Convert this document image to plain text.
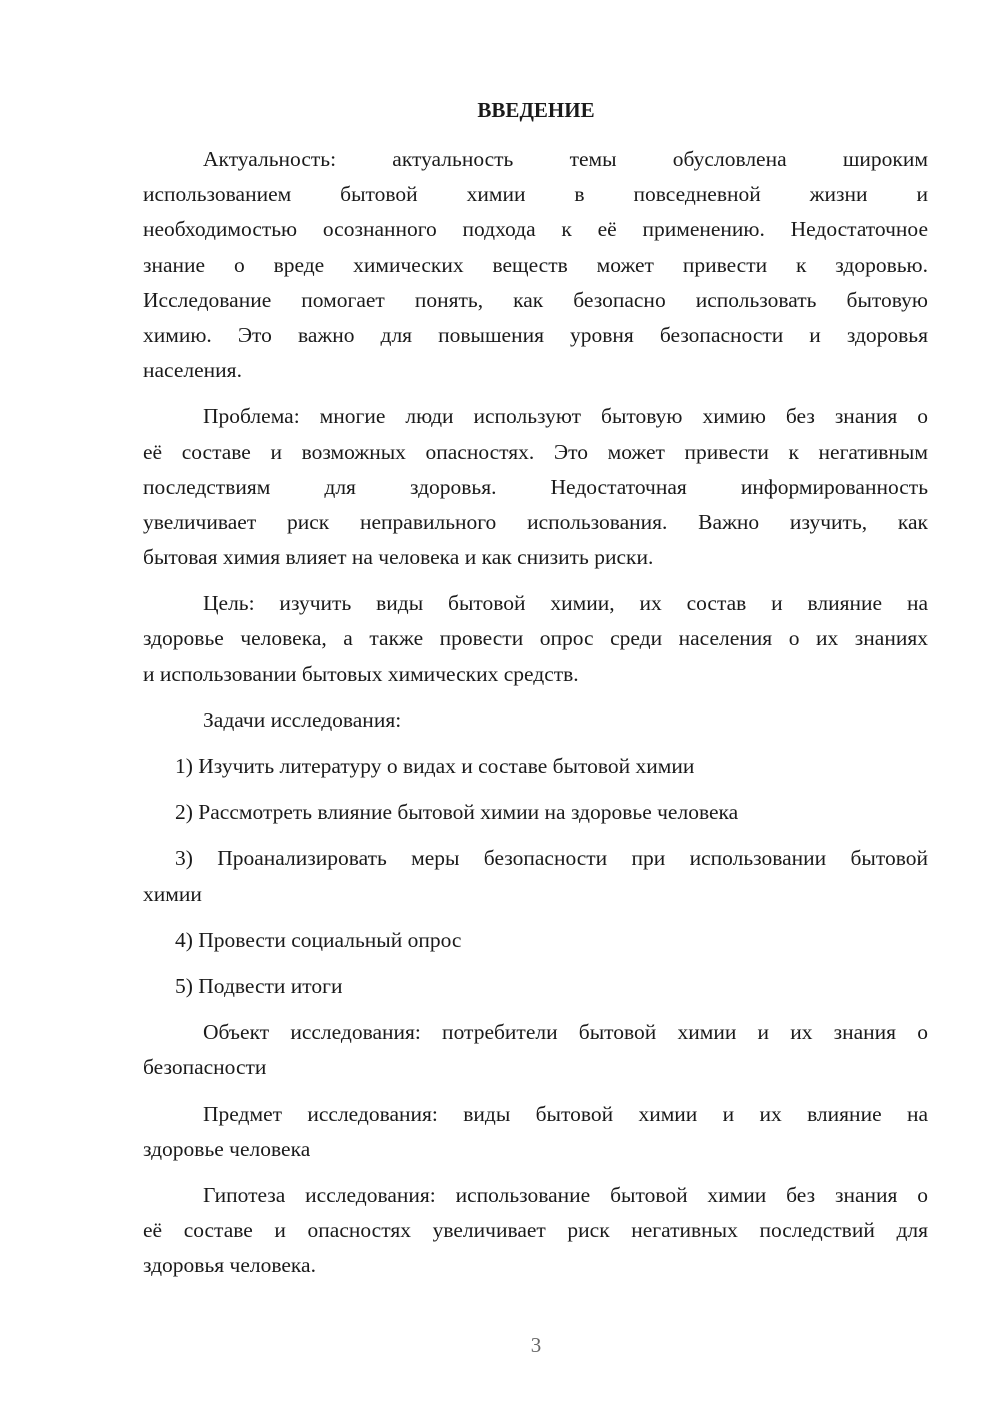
ВВЕДЕНИЕ
Актуальность: актуальность темы обусловлена широким
использованием бытовой химии в повседневной жизни и
необходимостью осознанного подхода к её применению. Недостаточное
знание о вреде химических веществ может привести к здоровью.
Исследование помогает понять, как безопасно использовать бытовую
химию. Это важно для повышения уровня безопасности и здоровья
населения.
Проблема: многие люди используют бытовую химию без знания о
её составе и возможных опасностях. Это может привести к негативным
последствиям для здоровья. Недостаточная информированность
увеличивает риск неправильного использования. Важно изучить, как
бытовая химия влияет на человека и как снизить риски.
Цель: изучить виды бытовой химии, их состав и влияние на
здоровье человека, а также провести опрос среди населения о их знаниях
и использовании бытовых химических средств.
Задачи исследования:
1) Изучить литературу о видах и составе бытовой химии
2) Рассмотреть влияние бытовой химии на здоровье человека
3) Проанализировать меры безопасности при использовании бытовой
химии
4) Провести социальный опрос
5) Подвести итоги
Объект исследования: потребители бытовой химии и их знания о
безопасности
Предмет исследования: виды бытовой химии и их влияние на
здоровье человека
Гипотеза исследования: использование бытовой химии без знания о
её составе и опасностях увеличивает риск негативных последствий для
здоровья человека.
3
